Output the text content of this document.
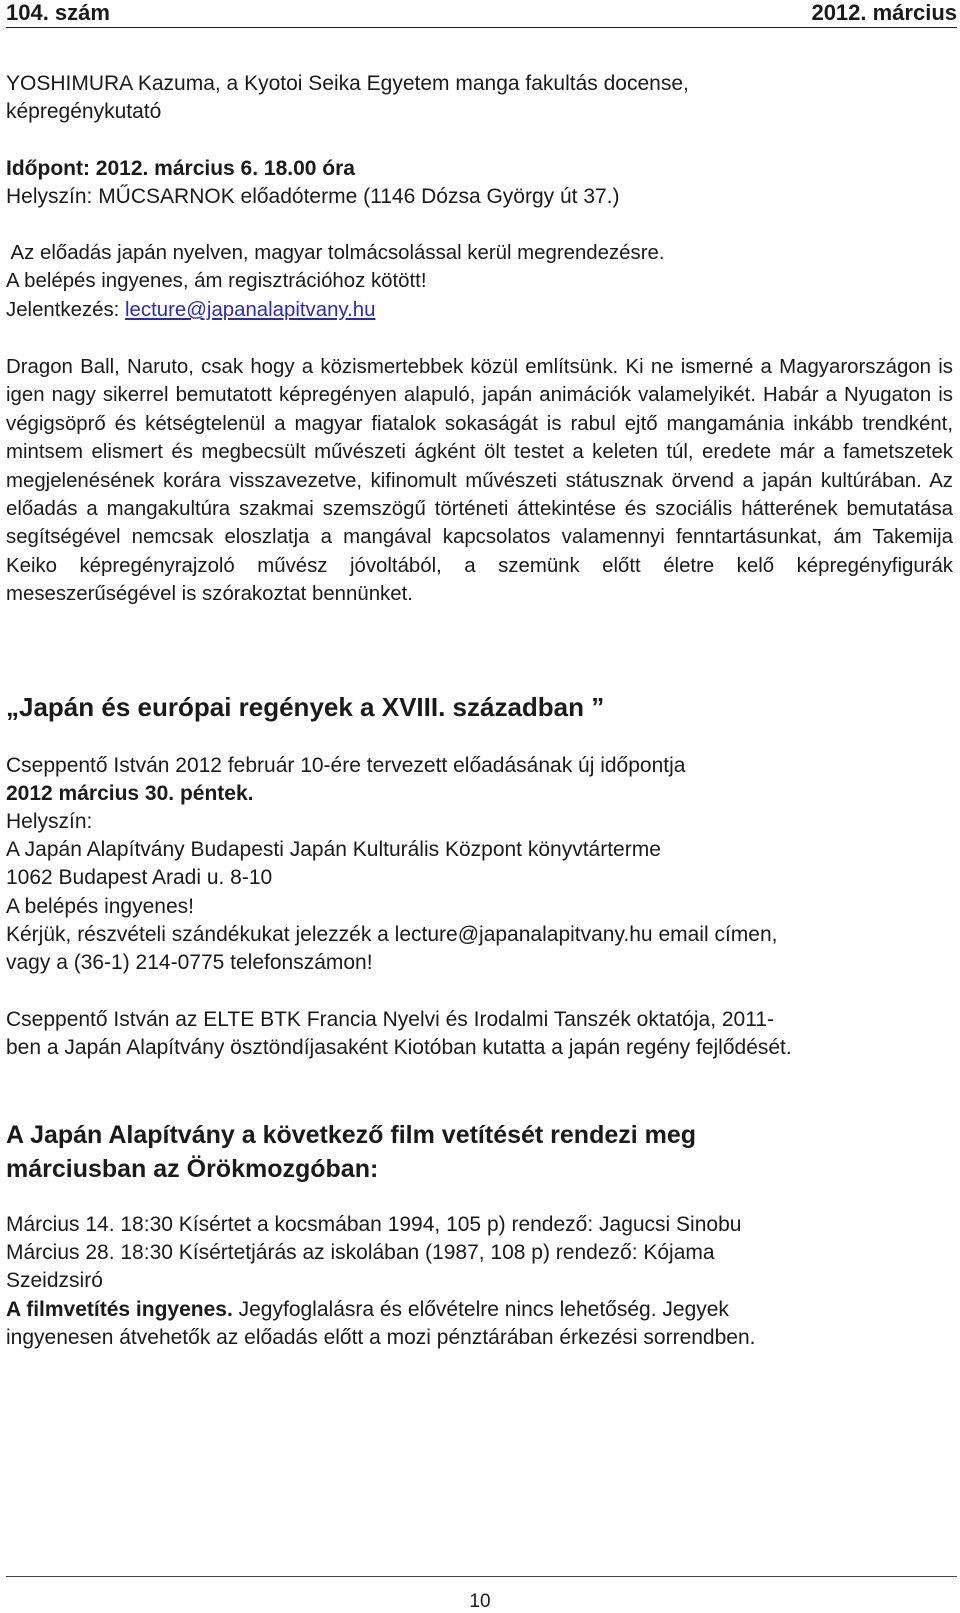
104. szám	2012. március
YOSHIMURA Kazuma, a Kyotoi Seika Egyetem manga fakultás docense,
képregénykutató
Időpont: 2012. március 6. 18.00 óra
Helyszín: MŰCSARNOK előadóterme (1146 Dózsa György út 37.)
Az előadás japán nyelven, magyar tolmácsolással kerül megrendezésre.
A belépés ingyenes, ám regisztrációhoz kötött!
Jelentkezés: lecture@japanalapitvany.hu
Dragon Ball, Naruto, csak hogy a közismertebbek közül említsünk. Ki ne ismerné a Magyarországon is igen nagy sikerrel bemutatott képregényen alapuló, japán animációk valamelyikét. Habár a Nyugaton is végigsöprő és kétségtelenül a magyar fiatalok sokaságát is rabul ejtő mangamánia inkább trendként, mintsem elismert és megbecsült művészeti ágként ölt testet a keleten túl, eredete már a fametszetek megjelenésének korára visszavezetve, kifinomult művészeti státusznak örvend a japán kultúrában. Az előadás a mangakultúra szakmai szemszögű történeti áttekintése és szociális hátterének bemutatása segítségével nemcsak eloszlatja a mangával kapcsolatos valamennyi fenntartásunkat, ám Takemija Keiko képregényrajzoló művész jóvoltából, a szemünk előtt életre kelő képregényfigurák meseszerűségével is szórakoztat bennünket.
„Japán és európai regények a XVIII. században ”
Cseppentő István 2012 február 10-ére tervezett előadásának új időpontja
2012 március 30. péntek.
Helyszín:
A Japán Alapítvány Budapesti Japán Kulturális Központ könyvtárterme
1062 Budapest Aradi u. 8-10
A belépés ingyenes!
Kérjük, részvételi szándékukat jelezzék a lecture@japanalapitvany.hu email címen,
vagy a (36-1) 214-0775 telefonszámon!
Cseppentő István az ELTE BTK Francia Nyelvi és Irodalmi Tanszék oktatója, 2011-
ben a Japán Alapítvány ösztöndíjasaként Kiotóban kutatta a japán regény fejlődését.
A Japán Alapítvány a következő film vetítését rendezi meg
márciusban az Örökmozgóban:
Március 14. 18:30 Kísértet a kocsmában 1994, 105 p) rendező: Jagucsi Sinobu
Március 28. 18:30 Kísértetjárás az iskolában (1987, 108 p) rendező: Kójama
Szeidzsiró
A filmvetítés ingyenes. Jegyfoglalásra és elővételre nincs lehetőség. Jegyek
ingyenesen átvehetők az előadás előtt a mozi pénztárában érkezési sorrendben.
10
